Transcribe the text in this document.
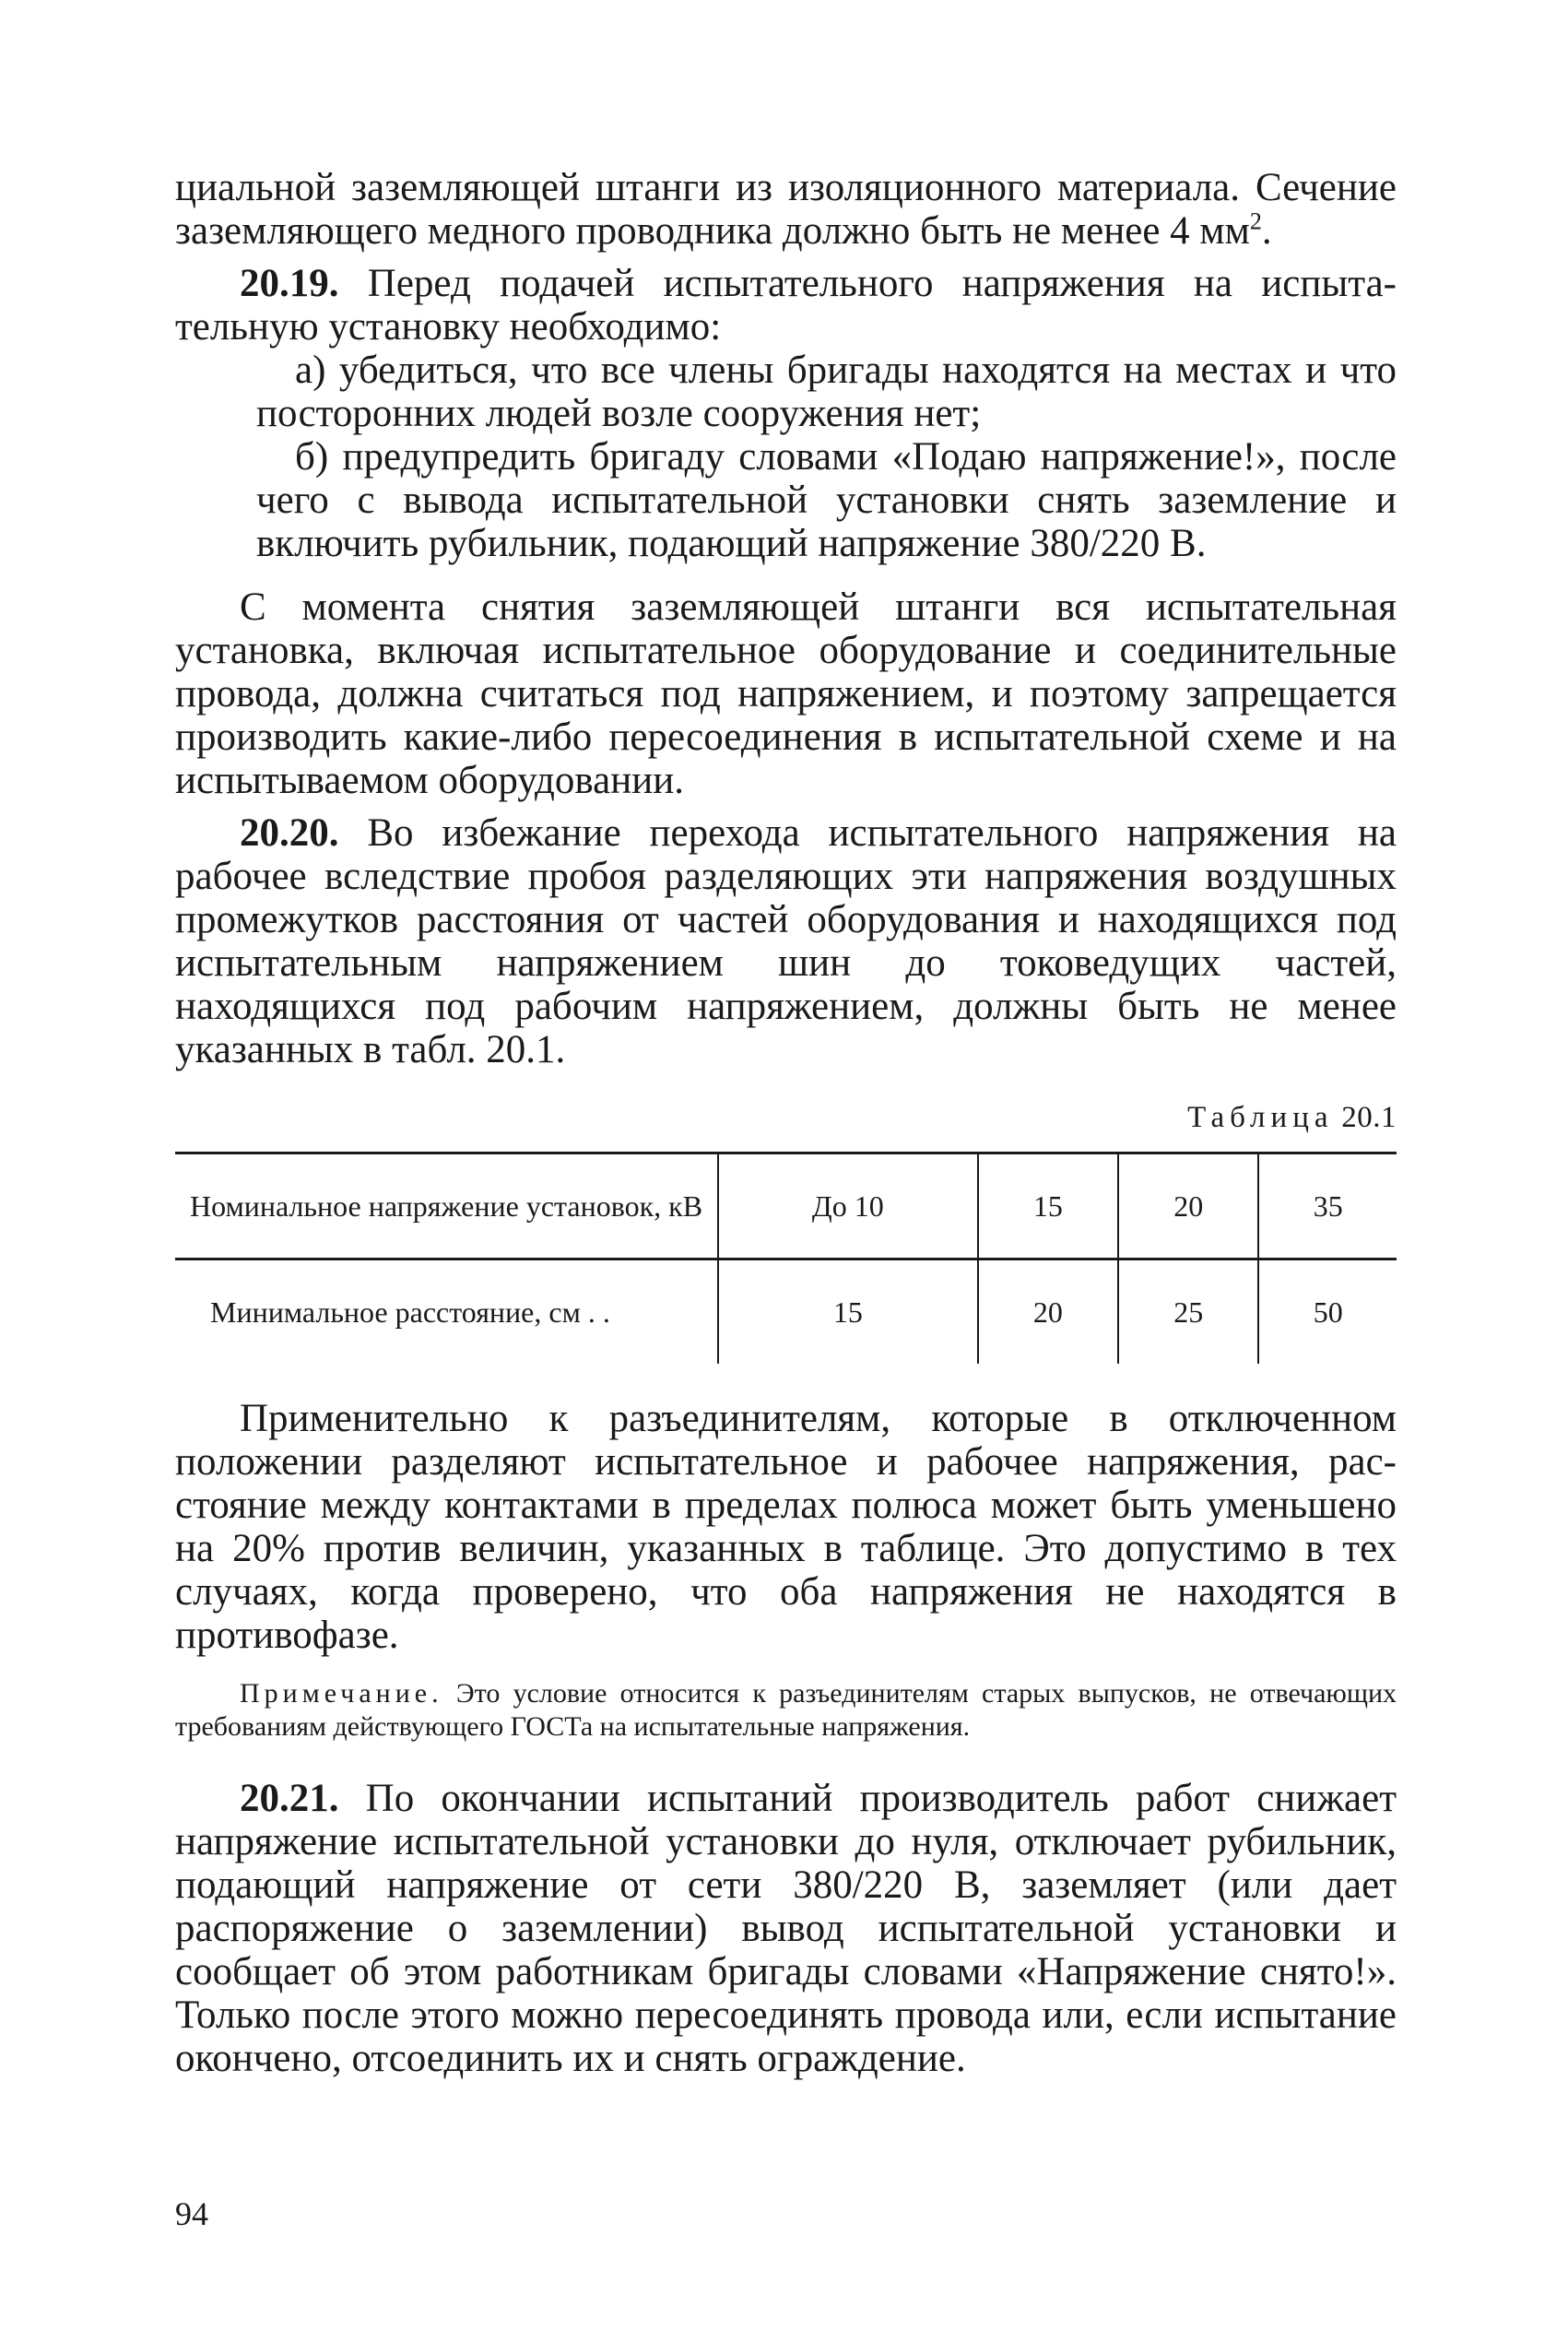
циальной заземляющей штанги из изоляционного материала. Сечение заземляющего медного проводника должно быть не менее 4 $мм^2$.

20.19. Перед подачей испытательного напряжения на испытательную установку необходимо:

а) убедиться, что все члены бригады находятся на местах и что посторонних людей возле сооружения нет;

б) предупредить бригаду словами «Подаю напряжение!», после чего с вывода испытательной установки снять заземление и включить рубильник, подающий напряжение 380/220 В.

С момента снятия заземляющей штанги вся испытательная установка, включая испытательное оборудование и соединительные провода, должна считаться под напряжением, и поэтому запрещается производить какие-либо пересоединения в испытательной схеме и на испытываемом оборудовании.

20.20. Во избежание перехода испытательного напряжения на рабочее вследствие пробоя разделяющих эти напряжения воздушных промежутков расстояния от частей оборудования и находящихся под испытательным напряжением шин до токоведущих частей, находящихся под рабочим напряжением, должны быть не менее указанных в табл. 20.1.

Таблица 20.1
Номинальное напряжение установок, кВ	До 10	15	20	35
Минимальное расстояние, см . .	15	20	25	50

Применительно к разъединителям, которые в отключенном положении разделяют испытательное и рабочее напряжения, расстояние между контактами в пределах полюса может быть уменьшено на 20% против величин, указанных в таблице. Это допустимо в тех случаях, когда проверено, что оба напряжения не находятся в противофазе.

Примечание. Это условие относится к разъединителям старых выпусков, не отвечающих требованиям действующего ГОСТа на испытательные напряжения.

20.21. По окончании испытаний производитель работ снижает напряжение испытательной установки до нуля, отключает рубильник, подающий напряжение от сети 380/220 В, заземляет (или дает распоряжение о заземлении) вывод испытательной установки и сообщает об этом работникам бригады словами «Напряжение снято!». Только после этого можно пересоединять провода или, если испытание окончено, отсоединить их и снять ограждение.

94
